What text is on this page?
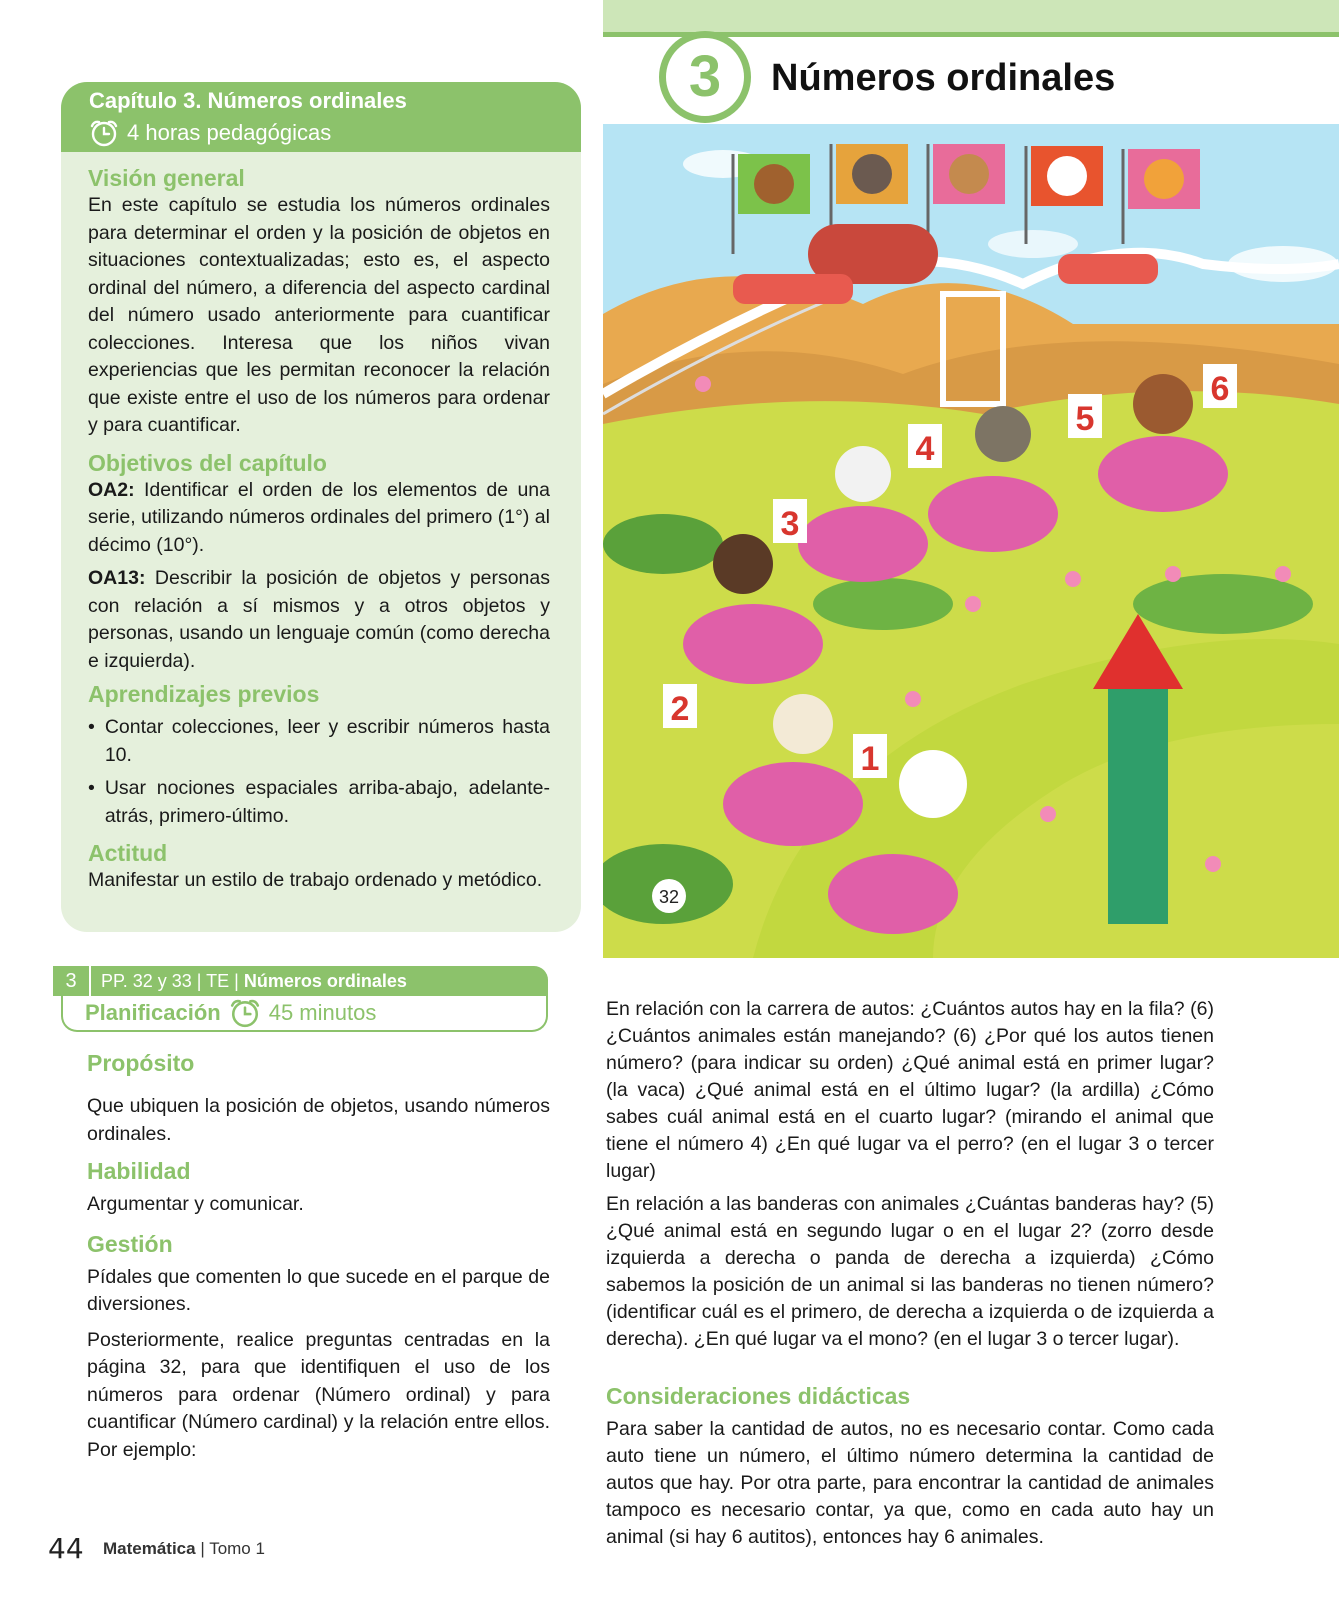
Capítulo 3. Números ordinales
4 horas pedagógicas
Visión general

En este capítulo se estudia los números ordinales para determinar el orden y la posición de objetos en situaciones contextualizadas; esto es, el aspecto ordinal del número, a diferencia del aspecto cardinal del número usado anteriormente para cuantificar colecciones. Interesa que los niños vivan experiencias que les permitan reconocer la relación que existe entre el uso de los números para ordenar y para cuantificar.

Objetivos del capítulo

OA2: Identificar el orden de los elementos de una serie, utilizando números ordinales del primero (1°) al décimo (10°).

OA13: Describir la posición de objetos y personas con relación a sí mismos y a otros objetos y personas, usando un lenguaje común (como derecha e izquierda).

Aprendizajes previos
• Contar colecciones, leer y escribir números hasta 10.
• Usar nociones espaciales arriba-abajo, adelante-atrás, primero-último.
Actitud

Manifestar un estilo de trabajo ordenado y metódico.

3	PP. 32 y 33 | TE | Números ordinales
Planificación 45 minutos
Propósito

Que ubiquen la posición de objetos, usando números ordinales.

Habilidad

Argumentar y comunicar.

Gestión

Pídales que comenten lo que sucede en el parque de diversiones.

Posteriormente, realice preguntas centradas en la página 32, para que identifiquen el uso de los números para ordenar (Número ordinal) y para cuantificar (Número cardinal) y la relación entre ellos. Por ejemplo:

3	Números ordinales
1
2
3
4
5
6
32

En relación con la carrera de autos: ¿Cuántos autos hay en la fila? (6) ¿Cuántos animales están manejando? (6) ¿Por qué los autos tienen número? (para indicar su orden) ¿Qué animal está en primer lugar? (la vaca) ¿Qué animal está en el último lugar? (la ardilla) ¿Cómo sabes cuál animal está en el cuarto lugar? (mirando el animal que tiene el número 4) ¿En qué lugar va el perro? (en el lugar 3 o tercer lugar)

En relación a las banderas con animales ¿Cuántas banderas hay? (5) ¿Qué animal está en segundo lugar o en el lugar 2? (zorro desde izquierda a derecha o panda de derecha a izquierda) ¿Cómo sabemos la posición de un animal si las banderas no tienen número? (identificar cuál es el primero, de derecha a izquierda o de izquierda a derecha). ¿En qué lugar va el mono? (en el lugar 3 o tercer lugar).

Consideraciones didácticas

Para saber la cantidad de autos, no es necesario contar. Como cada auto tiene un número, el último número determina la cantidad de autos que hay. Por otra parte, para encontrar la cantidad de animales tampoco es necesario contar, ya que, como en cada auto hay un animal (si hay 6 autitos), entonces hay 6 animales.

44 Matemática | Tomo 1
